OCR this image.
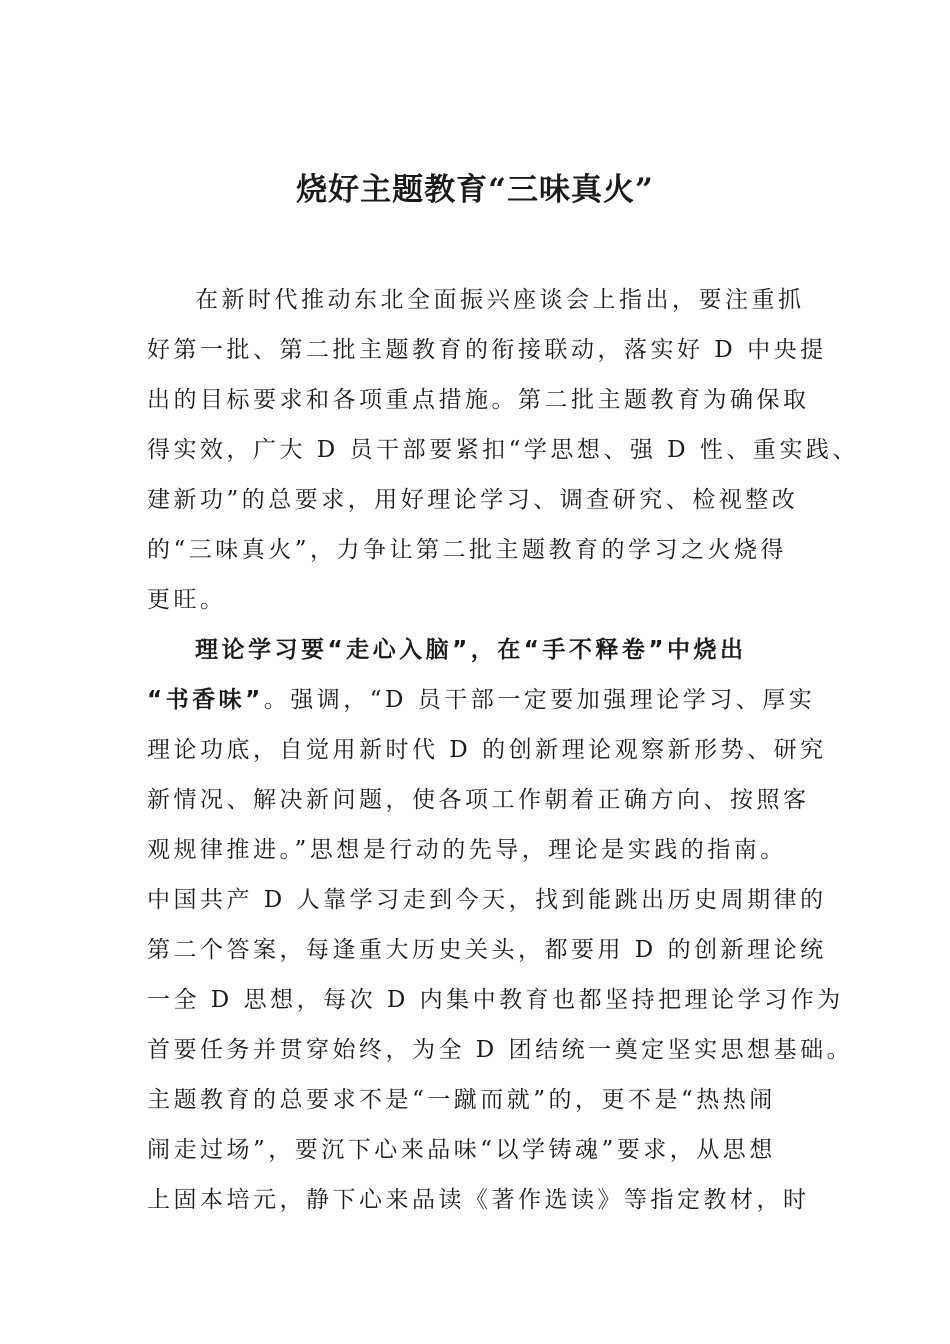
烧好主题教育“三味真火”

在新时代推动东北全面振兴座谈会上指出，要注重抓

好第一批、第二批主题教育的衔接联动，落实好 D 中央提

出的目标要求和各项重点措施。第二批主题教育为确保取

得实效，广大 D 员干部要紧扣“学思想、强 D 性、重实践、

建新功”的总要求，用好理论学习、调查研究、检视整改

的“三味真火”，力争让第二批主题教育的学习之火烧得

更旺。

理论学习要“走心入脑”，在“手不释卷”中烧出

“书香味”。强调，“D 员干部一定要加强理论学习、厚实

理论功底，自觉用新时代 D 的创新理论观察新形势、研究

新情况、解决新问题，使各项工作朝着正确方向、按照客

观规律推进。”思想是行动的先导，理论是实践的指南。

中国共产 D 人靠学习走到今天，找到能跳出历史周期律的

第二个答案，每逢重大历史关头，都要用 D 的创新理论统

一全 D 思想，每次 D 内集中教育也都坚持把理论学习作为

首要任务并贯穿始终，为全 D 团结统一奠定坚实思想基础。

主题教育的总要求不是“一蹴而就”的，更不是“热热闹

闹走过场”，要沉下心来品味“以学铸魂”要求，从思想

上固本培元，静下心来品读《著作选读》等指定教材，时
